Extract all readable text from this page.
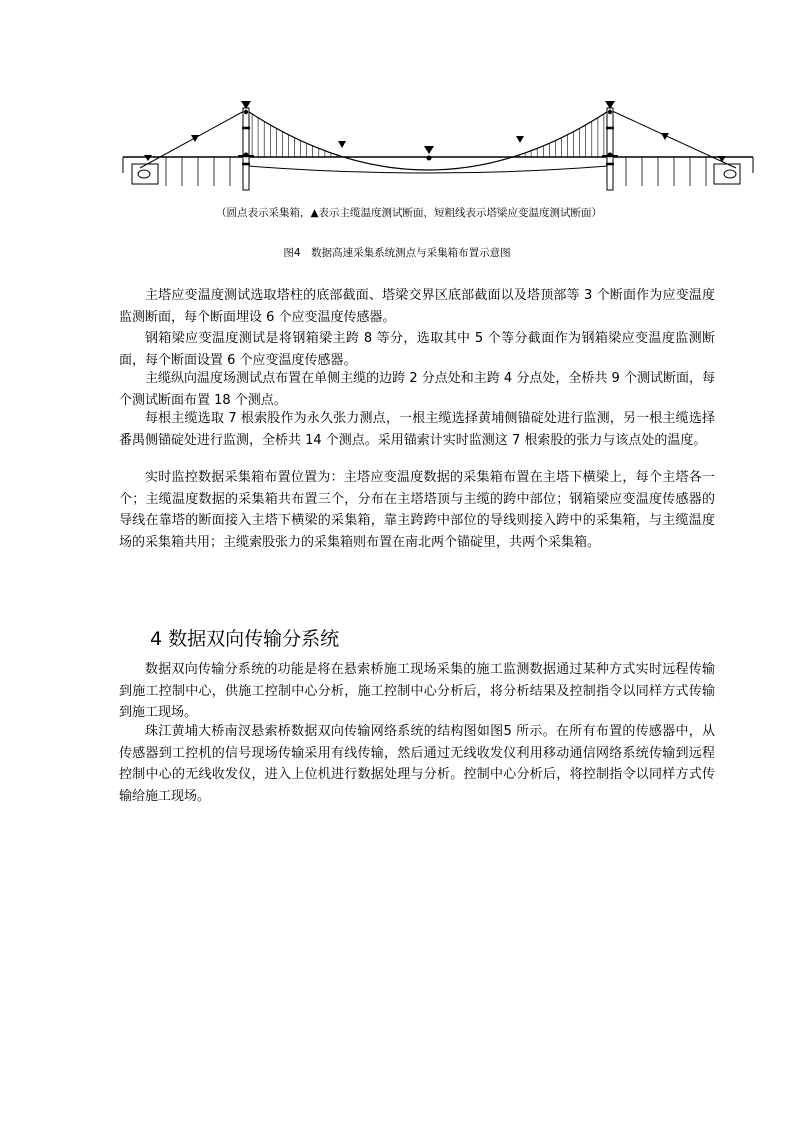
（圆点表示采集箱，▲表示主缆温度测试断面，短粗线表示塔梁应变温度测试断面）
图4　数据高速采集系统测点与采集箱布置示意图

主塔应变温度测试选取塔柱的底部截面、塔梁交界区底部截面以及塔顶部等 3 个断面作为应变温度监测断面，每个断面埋设 6 个应变温度传感器。

钢箱梁应变温度测试是将钢箱梁主跨 8 等分，选取其中 5 个等分截面作为钢箱梁应变温度监测断面，每个断面设置 6 个应变温度传感器。

主缆纵向温度场测试点布置在单侧主缆的边跨 2 分点处和主跨 4 分点处，全桥共 9 个测试断面，每个测试断面布置 18 个测点。

每根主缆选取 7 根索股作为永久张力测点，一根主缆选择黄埔侧锚碇处进行监测，另一根主缆选择番禺侧锚碇处进行监测，全桥共 14 个测点。采用锚索计实时监测这 7 根索股的张力与该点处的温度。

实时监控数据采集箱布置位置为：主塔应变温度数据的采集箱布置在主塔下横梁上，每个主塔各一个；主缆温度数据的采集箱共布置三个，分布在主塔塔顶与主缆的跨中部位；钢箱梁应变温度传感器的导线在靠塔的断面接入主塔下横梁的采集箱，靠主跨跨中部位的导线则接入跨中的采集箱，与主缆温度场的采集箱共用；主缆索股张力的采集箱则布置在南北两个锚碇里，共两个采集箱。

4 数据双向传输分系统

数据双向传输分系统的功能是将在悬索桥施工现场采集的施工监测数据通过某种方式实时远程传输到施工控制中心，供施工控制中心分析，施工控制中心分析后，将分析结果及控制指令以同样方式传输到施工现场。

珠江黄埔大桥南汊悬索桥数据双向传输网络系统的结构图如图5 所示。在所有布置的传感器中，从传感器到工控机的信号现场传输采用有线传输，然后通过无线收发仪利用移动通信网络系统传输到远程控制中心的无线收发仪，进入上位机进行数据处理与分析。控制中心分析后，将控制指令以同样方式传输给施工现场。
